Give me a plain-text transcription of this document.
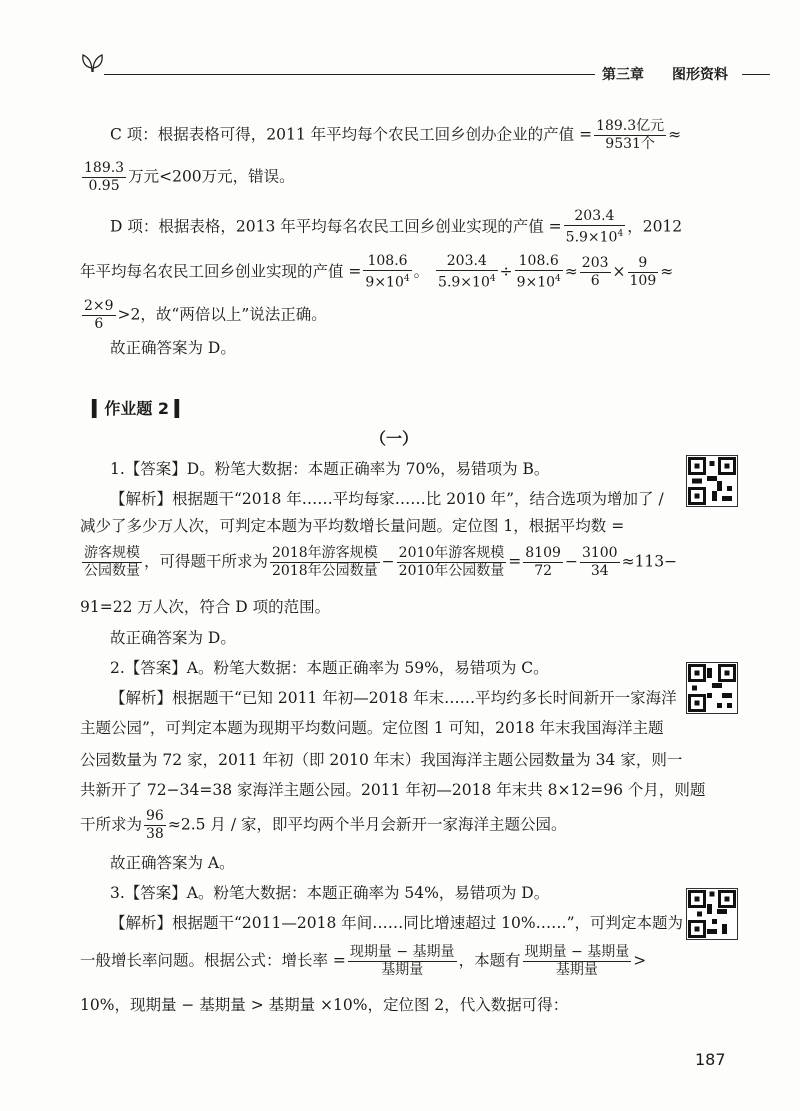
第三章 图形资料
C 项：根据表格可得，2011 年平均每个农民工回乡创办企业的产值 = $\frac{\text{189.3亿元}}{\text{9531个}}$ ≈
$\frac{189.3}{0.95}$ 万元<200万元，错误。
D 项：根据表格，2013 年平均每名农民工回乡创业实现的产值 = $\frac{203.4}{5.9\times 10^4}$ ，2012
年平均每名农民工回乡创业实现的产值 = $\frac{108.6}{9\times 10^4}$ 。 $\frac{203.4}{5.9\times 10^4} \div \frac{108.6}{9\times 10^4} \approx \frac{203}{6} \times \frac{9}{109}$ ≈
$\frac{2\times 9}{6} >2$，故“两倍以上”说法正确。
故正确答案为 D。
▍作业题 2 ▍
（一）
1.【答案】D。粉笔大数据：本题正确率为 70%，易错项为 B。
【解析】根据题干“2018 年……平均每家……比 2010 年”，结合选项为增加了 /
减少了多少万人次，可判定本题为平均数增长量问题。定位图 1，根据平均数 =
$\frac{\text{游客规模}}{\text{公园数量}}$ ，可得题干所求为 $\frac{\text{2018年游客规模}}{\text{2018年公园数量}} - \frac{\text{2010年游客规模}}{\text{2010年公园数量}} = \frac{8109}{72} - \frac{3100}{34} \approx 113-$
91=22 万人次，符合 D 项的范围。
故正确答案为 D。
2.【答案】A。粉笔大数据：本题正确率为 59%，易错项为 C。
【解析】根据题干“已知 2011 年初—2018 年末……平均约多长时间新开一家海洋
主题公园”，可判定本题为现期平均数问题。定位图 1 可知，2018 年末我国海洋主题
公园数量为 72 家，2011 年初（即 2010 年末）我国海洋主题公园数量为 34 家，则一
共新开了 72−34=38 家海洋主题公园。2011 年初—2018 年末共 8×12=96 个月，则题
干所求为 $\frac{96}{38} \approx 2.5$ 月 / 家，即平均两个半月会新开一家海洋主题公园。
故正确答案为 A。
3.【答案】A。粉笔大数据：本题正确率为 54%，易错项为 D。
【解析】根据题干“2011—2018 年间……同比增速超过 10%……”，可判定本题为
一般增长率问题。根据公式：增长率 = $\frac{\text{现期量 − 基期量}}{\text{基期量}}$ ，本题有 $\frac{\text{现期量 − 基期量}}{\text{基期量}}$ >
10%，现期量 − 基期量 > 基期量 ×10%，定位图 2，代入数据可得：
187
